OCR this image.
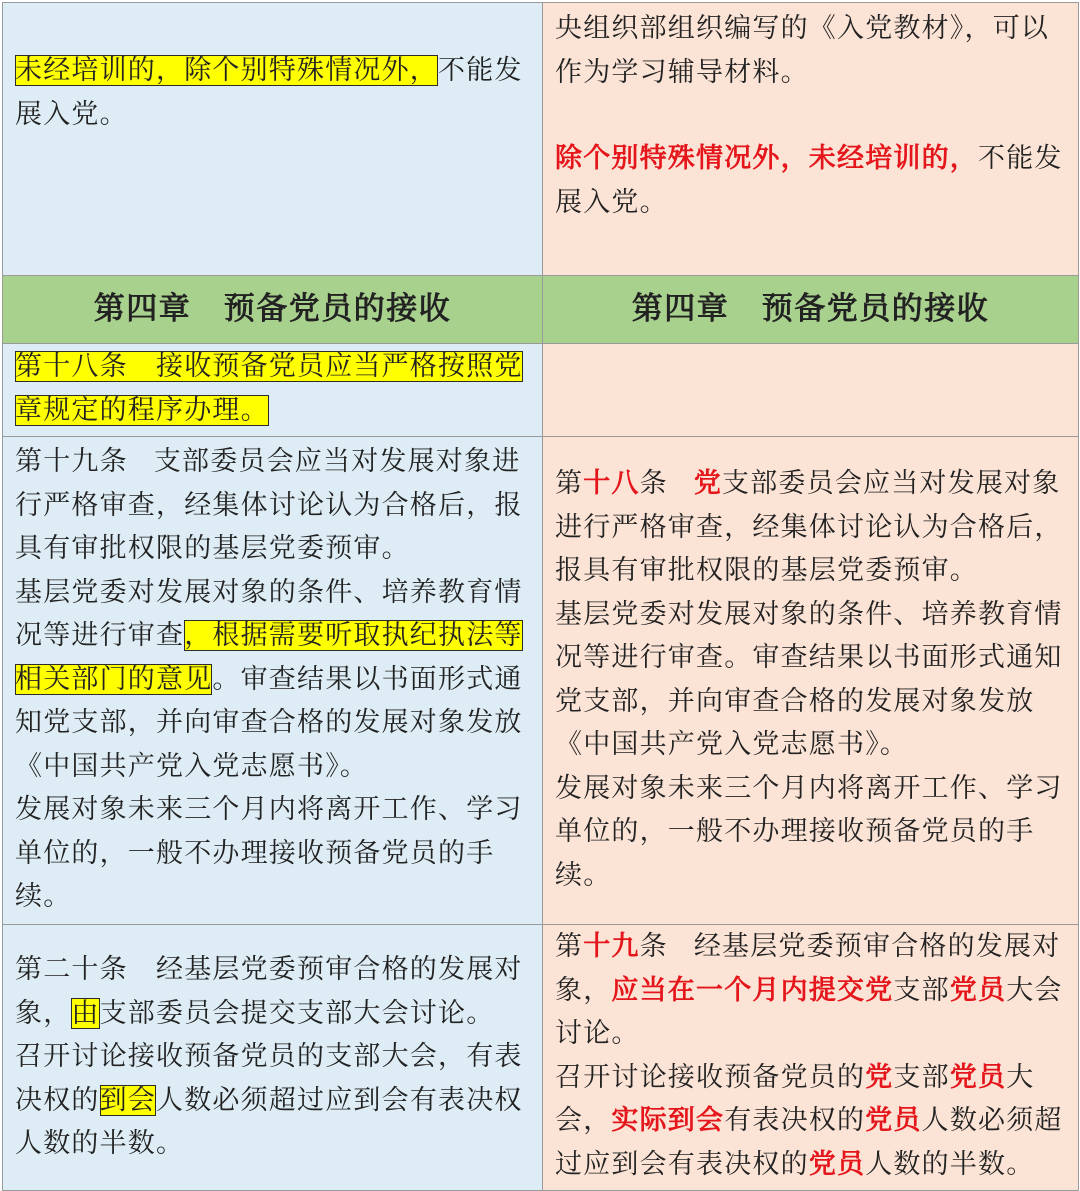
未经培训的，除个别特殊情况外，不能发展入党。	央组织部组织编写的《入党教材》，可以作为学习辅导材料。
除个别特殊情况外，未经培训的，不能发展入党。
第四章　预备党员的接收	第四章　预备党员的接收
第十八条　接收预备党员应当严格按照党章规定的程序办理。	

第十九条 支部委员会应当对发展对象进行严格审查，经集体讨论认为合格后，报具有审批权限的基层党委预审。
基层党委对发展对象的条件、培养教育情况等进行审查，根据需要听取执纪执法等相关部门的意见。审查结果以书面形式通知党支部，并向审查合格的发展对象发放《中国共产党入党志愿书》。
发展对象未来三个月内将离开工作、学习单位的，一般不办理接收预备党员的手续。	第十八条 党支部委员会应当对发展对象进行严格审查，经集体讨论认为合格后，报具有审批权限的基层党委预审。
基层党委对发展对象的条件、培养教育情况等进行审查。审查结果以书面形式通知党支部，并向审查合格的发展对象发放《中国共产党入党志愿书》。
发展对象未来三个月内将离开工作、学习单位的，一般不办理接收预备党员的手续。

第二十条　经基层党委预审合格的发展对象，由支部委员会提交支部大会讨论。
召开讨论接收预备党员的支部大会，有表决权的到会人数必须超过应到会有表决权人数的半数。	第十九条 经基层党委预审合格的发展对象，应当在一个月内提交党支部党员大会讨论。
召开讨论接收预备党员的党支部党员大会，实际到会有表决权的党员人数必须超过应到会有表决权的党员人数的半数。
